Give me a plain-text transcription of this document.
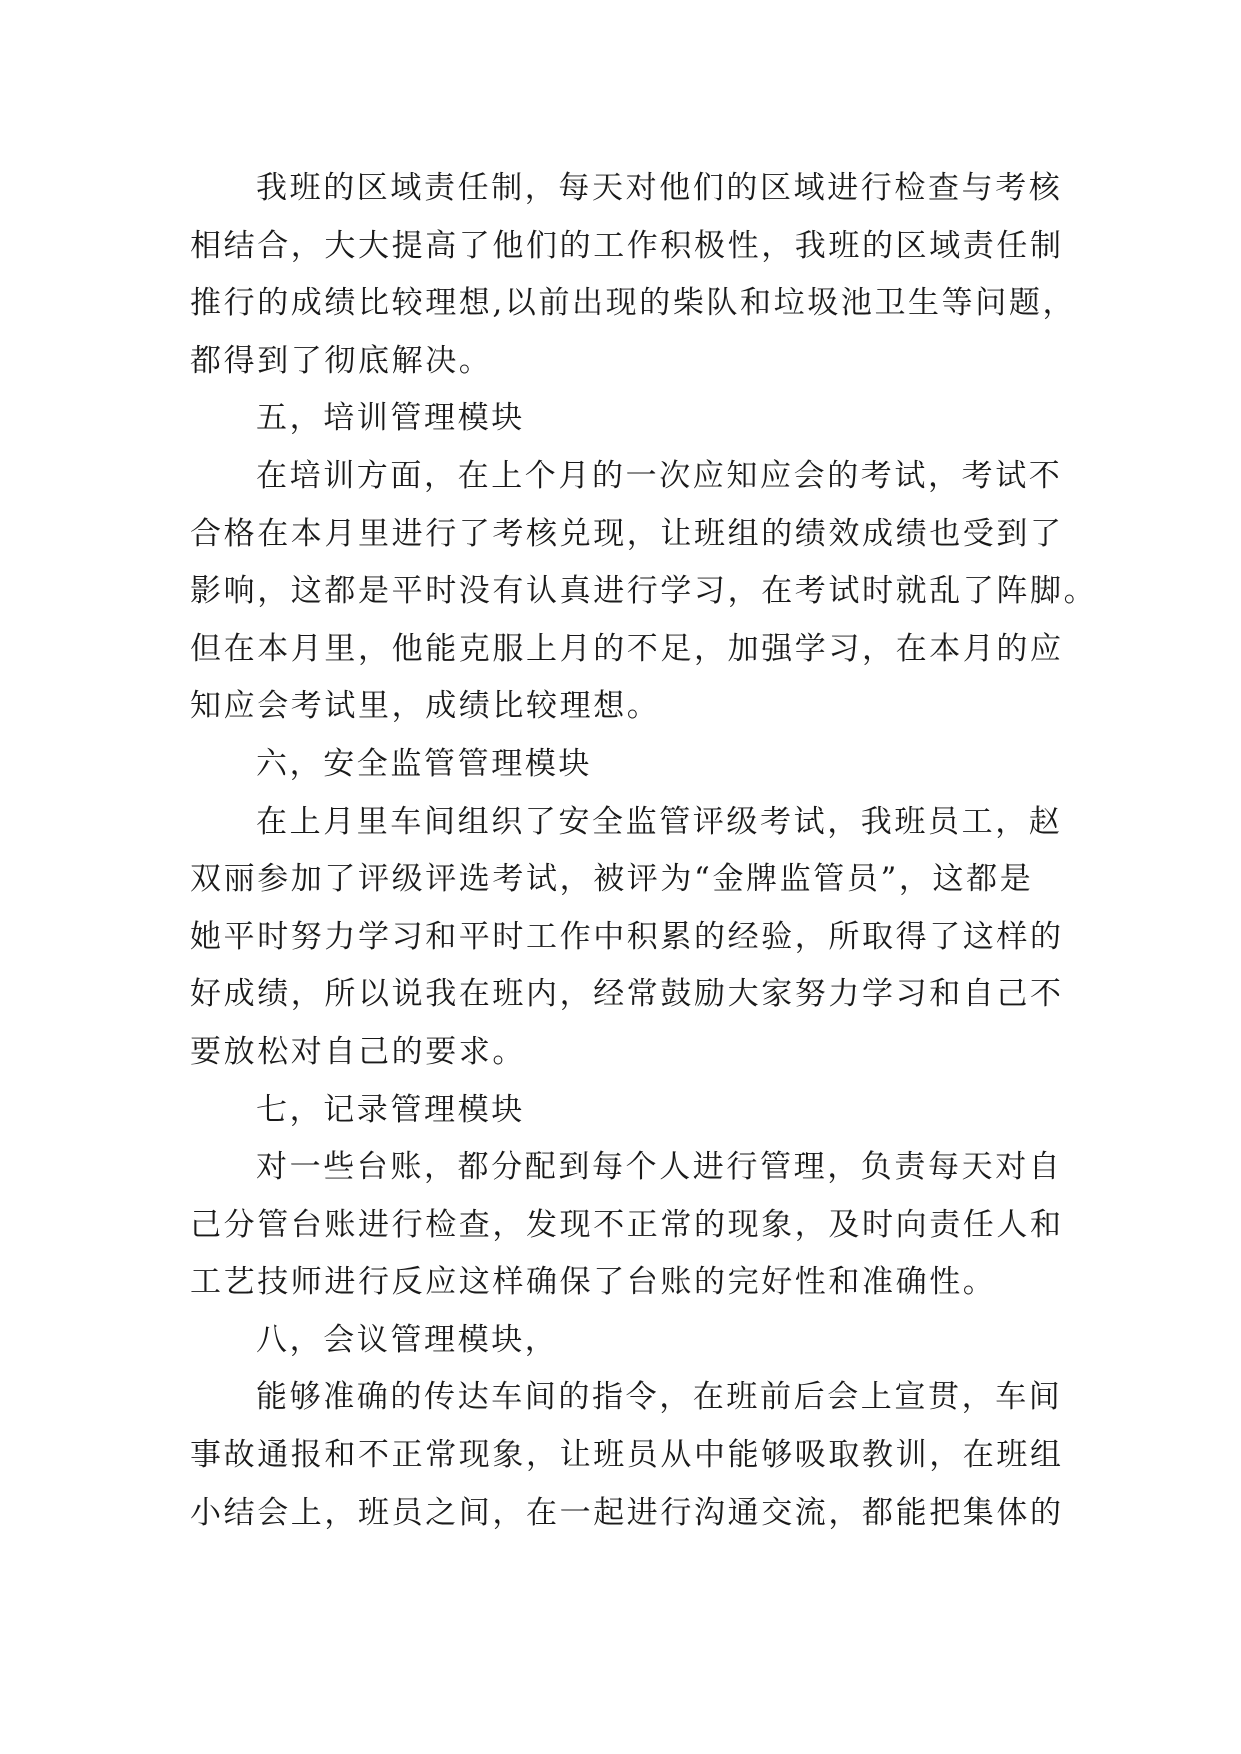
我班的区域责任制，每天对他们的区域进行检查与考核
相结合，大大提高了他们的工作积极性，我班的区域责任制
推行的成绩比较理想,以前出现的柴队和垃圾池卫生等问题，
都得到了彻底解决。
五，培训管理模块
在培训方面，在上个月的一次应知应会的考试，考试不
合格在本月里进行了考核兑现，让班组的绩效成绩也受到了
影响，这都是平时没有认真进行学习，在考试时就乱了阵脚。
但在本月里，他能克服上月的不足，加强学习，在本月的应
知应会考试里，成绩比较理想。
六，安全监管管理模块
在上月里车间组织了安全监管评级考试，我班员工，赵
双丽参加了评级评选考试，被评为“金牌监管员”，这都是
她平时努力学习和平时工作中积累的经验，所取得了这样的
好成绩，所以说我在班内，经常鼓励大家努力学习和自己不
要放松对自己的要求。
七，记录管理模块
对一些台账，都分配到每个人进行管理，负责每天对自
己分管台账进行检查，发现不正常的现象，及时向责任人和
工艺技师进行反应这样确保了台账的完好性和准确性。
八，会议管理模块，
能够准确的传达车间的指令，在班前后会上宣贯，车间
事故通报和不正常现象，让班员从中能够吸取教训，在班组
小结会上，班员之间，在一起进行沟通交流，都能把集体的
